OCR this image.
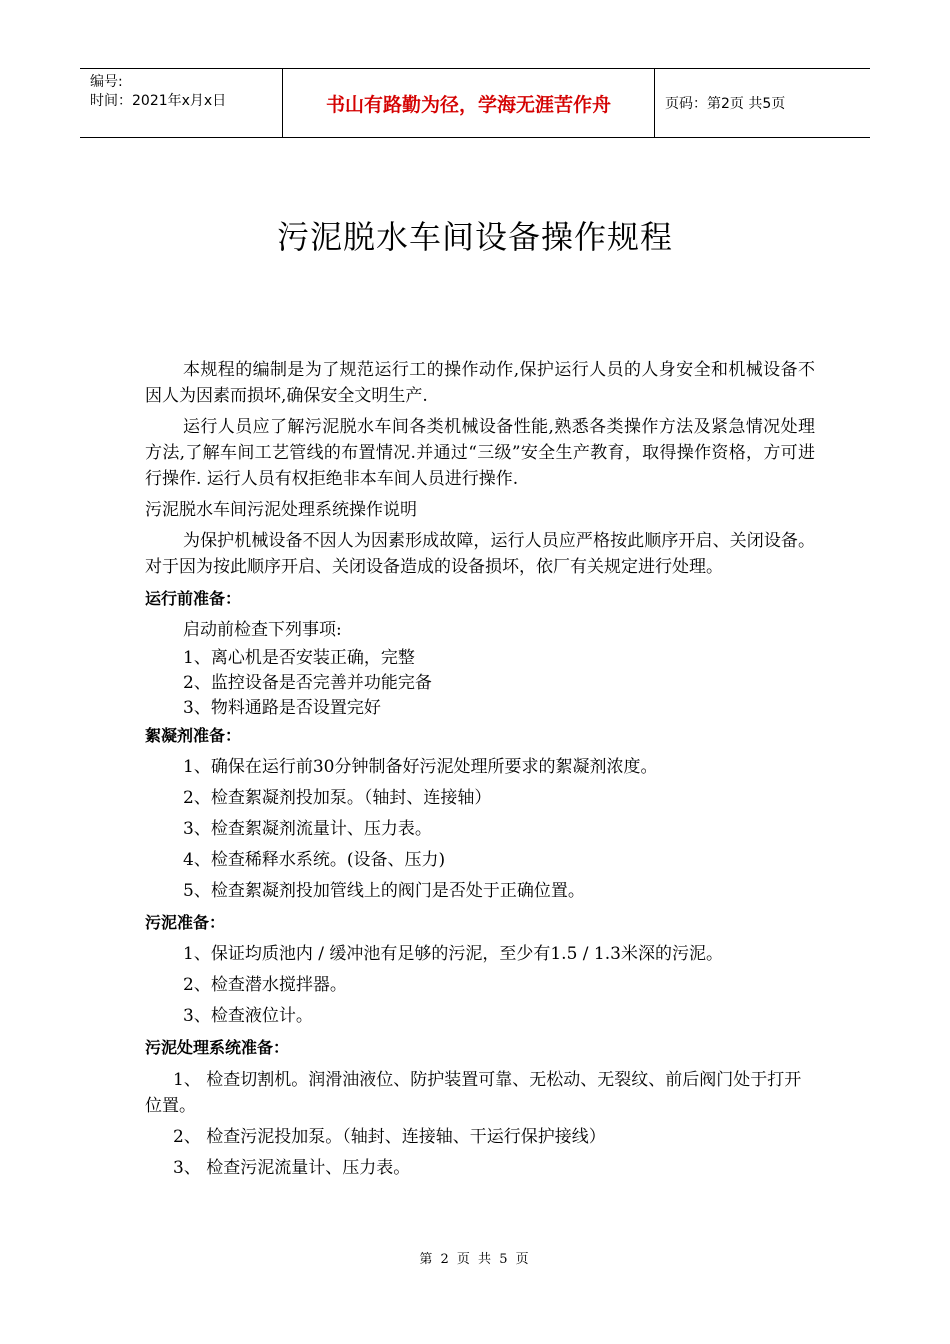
编号:
时间：2021年x月x日	书山有路勤为径，学海无涯苦作舟	页码：第2页 共5页
污泥脱水车间设备操作规程

本规程的编制是为了规范运行工的操作动作,保护运行人员的人身安全和机械设备不因人为因素而损坏,确保安全文明生产.

运行人员应了解污泥脱水车间各类机械设备性能,熟悉各类操作方法及紧急情况处理方法,了解车间工艺管线的布置情况.并通过“三级”安全生产教育，取得操作资格，方可进行操作. 运行人员有权拒绝非本车间人员进行操作.

污泥脱水车间污泥处理系统操作说明

为保护机械设备不因人为因素形成故障，运行人员应严格按此顺序开启、关闭设备。对于因为按此顺序开启、关闭设备造成的设备损坏，依厂有关规定进行处理。

运行前准备：

启动前检查下列事项:

1、离心机是否安装正确，完整

2、监控设备是否完善并功能完备

3、物料通路是否设置完好

絮凝剂准备：

1、确保在运行前30分钟制备好污泥处理所要求的絮凝剂浓度。

2、检查絮凝剂投加泵。（轴封、连接轴）

3、检查絮凝剂流量计、压力表。

4、检查稀释水系统。(设备、压力)

5、检查絮凝剂投加管线上的阀门是否处于正确位置。

污泥准备：

1、保证均质池内 / 缓冲池有足够的污泥，至少有1.5 / 1.3米深的污泥。

2、检查潜水搅拌器。

3、检查液位计。

污泥处理系统准备：

1、 检查切割机。润滑油液位、防护装置可靠、无松动、无裂纹、前后阀门处于打开位置。

2、 检查污泥投加泵。（轴封、连接轴、干运行保护接线）

3、 检查污泥流量计、压力表。

第 2 页 共 5 页
